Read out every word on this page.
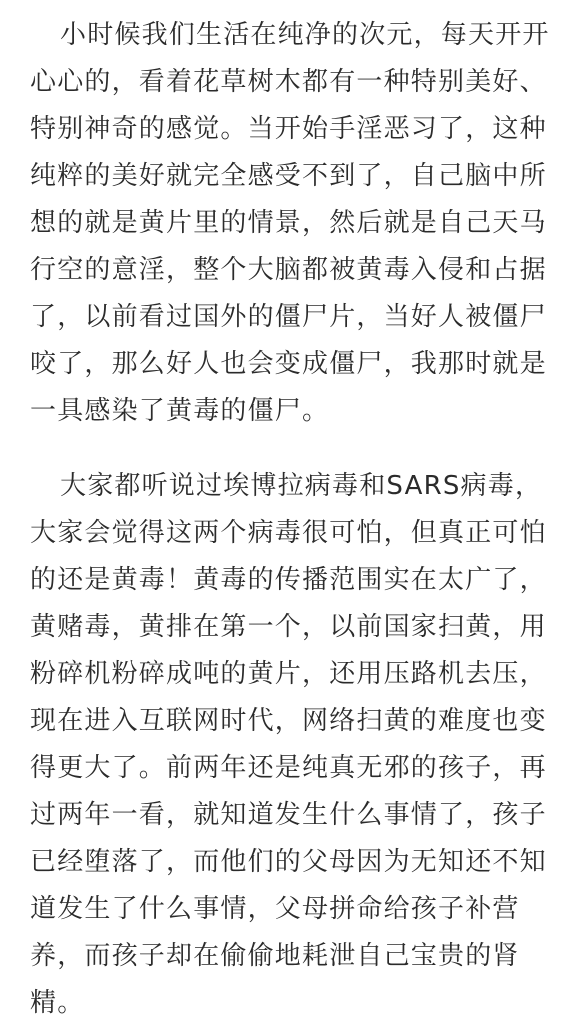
小时候我们生活在纯净的次元，每天开开
心心的，看着花草树木都有一种特别美好、
特别神奇的感觉。当开始手淫恶习了，这种
纯粹的美好就完全感受不到了，自己脑中所
想的就是黄片里的情景，然后就是自己天马
行空的意淫，整个大脑都被黄毒入侵和占据
了，以前看过国外的僵尸片，当好人被僵尸
咬了，那么好人也会变成僵尸，我那时就是
一具感染了黄毒的僵尸。
大家都听说过埃博拉病毒和SARS病毒，
大家会觉得这两个病毒很可怕，但真正可怕
的还是黄毒！黄毒的传播范围实在太广了，
黄赌毒，黄排在第一个，以前国家扫黄，用
粉碎机粉碎成吨的黄片，还用压路机去压，
现在进入互联网时代，网络扫黄的难度也变
得更大了。前两年还是纯真无邪的孩子，再
过两年一看，就知道发生什么事情了，孩子
已经堕落了，而他们的父母因为无知还不知
道发生了什么事情，父母拼命给孩子补营
养，而孩子却在偷偷地耗泄自己宝贵的肾
精。
